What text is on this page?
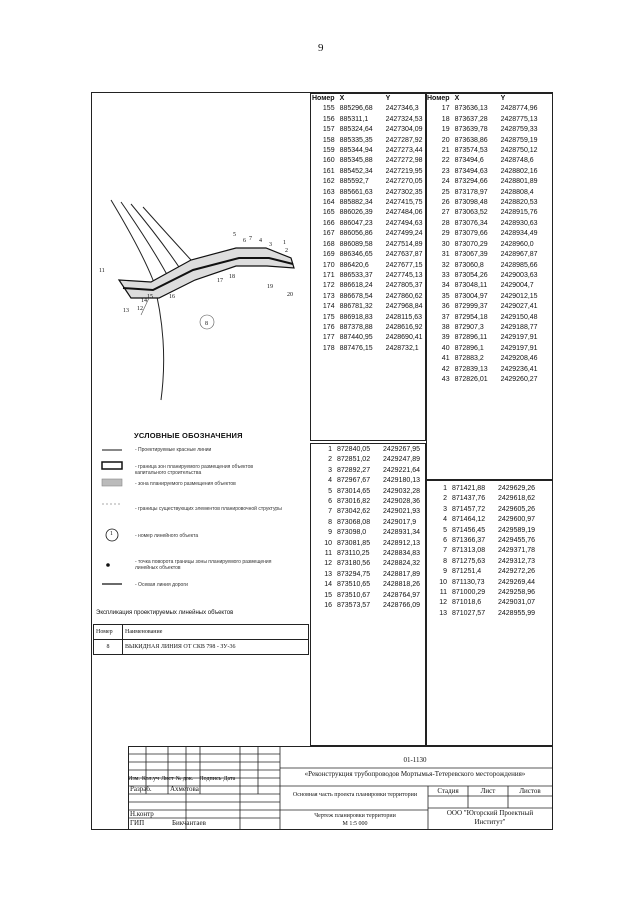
9
1
2
3
4
5
6 7
11
12
13
14
15	16
17
18
19
20
8
Номер	X	Y
155	885296,68	2427346,3
156	885311,1	2427324,53
157	885324,64	2427304,09
158	885335,35	2427287,92
159	885344,94	2427273,44
160	885345,88	2427272,98
161	885452,34	2427219,95
162	885592,7	2427270,05
163	885661,63	2427302,35
164	885882,34	2427415,75
165	886026,39	2427484,06
166	886047,23	2427494,63
167	886056,86	2427499,24
168	886089,58	2427514,89
169	886346,65	2427637,87
170	886420,6	2427677,15
171	886533,37	2427745,13
172	886618,24	2427805,37
173	886678,54	2427860,62
174	886781,32	2427968,84
175	886918,83	2428115,63
176	887378,88	2428616,92
177	887440,95	2428690,41
178	887476,15	2428732,1
1	872840,05	2429267,95
2	872851,02	2429247,89
3	872892,27	2429221,64
4	872967,67	2429180,13
5	873014,65	2429032,28
6	873016,82	2429028,36
7	873042,62	2429021,93
8	873068,08	2429017,9
9	873098,0	2428931,34
10	873081,85	2428912,13
11	873110,25	2428834,83
12	873180,56	2428824,32
13	873294,75	2428817,89
14	873510,65	2428818,26
15	873510,67	2428764,97
16	873573,57	2428766,09
Номер	X	Y
17	873636,13	2428774,96
18	873637,28	2428775,13
19	873639,78	2428759,33
20	873638,86	2428759,19
21	873574,53	2428750,12
22	873494,6	2428748,6
23	873494,63	2428802,16
24	873294,66	2428801,89
25	873178,97	2428808,4
26	873098,48	2428820,53
27	873063,52	2428915,76
28	873076,34	2428930,63
29	873079,66	2428934,49
30	873070,29	2428960,0
31	873067,39	2428967,87
32	873060,8	2428985,66
33	873054,26	2429003,63
34	873048,11	2429004,7
35	873004,97	2429012,15
36	872999,37	2429027,41
37	872954,18	2429150,48
38	872907,3	2429188,77
39	872896,11	2429197,91
40	872896,1	2429197,91
41	872883,2	2429208,46
42	872839,13	2429236,41
43	872826,01	2429260,27
1	871421,88	2429629,26
2	871437,76	2429618,62
3	871457,72	2429605,26
4	871464,12	2429600,97
5	871456,45	2429589,19
6	871366,37	2429455,76
7	871313,08	2429371,78
8	871275,63	2429312,73
9	871251,4	2429272,26
10	871130,73	2429269,44
11	871000,29	2429258,96
12	871018,6	2429031,07
13	871027,57	2428955,99
УСЛОВНЫЕ ОБОЗНАЧЕНИЯ
1
- Проектируемые красные линии
- граница зон планируемого размещения объектов капитального строительства
- зона планируемого размещения объектов
- границы существующих элементов планировочной структуры
- номер линейного объекта
- точка поворота границы зоны планируемого размещения линейных объектов
- Осевая линия дороги
Экспликация проектируемых линейных объектов
Номер	Наименование
8	ВЫКИДНАЯ ЛИНИЯ ОТ СКВ 798 - ЗУ-36
Изм. Кол.уч Лист № док. Подпись Дата
Разраб.	Ахметова
Н.контр
ГИП	Бикчантаев
01-1130
«Реконструкция трубопроводов Мортымья-Тетеревского месторождения»
Основная часть проекта планировки территории	Стадия	Лист	Листов
Чертеж планировки территории
М 1:5 000
ООО "Югорский Проектный Институт"
